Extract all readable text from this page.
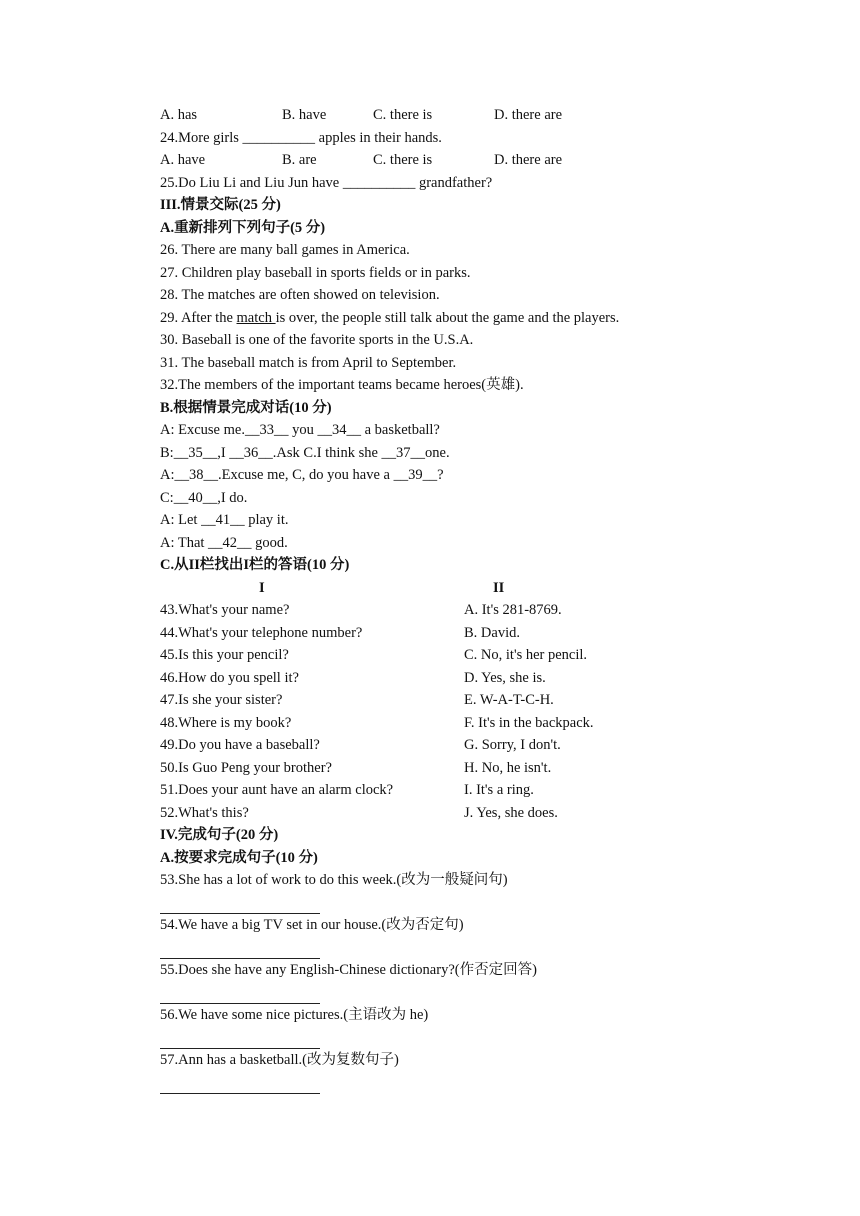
A. has	B. have	C. there is	D. there are
24.More girls __________ apples in their hands.
A. have	B. are	C. there is	D. there are
25.Do Liu Li and Liu Jun have __________ grandfather?
III.情景交际(25 分)
A.重新排列下列句子(5 分)
26. There are many ball games in America.
27. Children play baseball in sports fields or in parks.
28. The matches are often showed on television.
29. After the match is over, the people still talk about the game and the players.
30. Baseball is one of the favorite sports in the U.S.A.
31. The baseball match is from April to September.
32.The members of the important teams became heroes(英雄).
B.根据情景完成对话(10 分)
A: Excuse me.__33__ you __34__ a basketball?
B:__35__,I __36__.Ask C.I think she __37__one.
A:__38__.Excuse me, C, do you have a __39__?
C:__40__,I do.
A: Let __41__ play it.
A: That __42__ good.
C.从II栏找出I栏的答语(10 分)
I	II
43.What's your name?	A. It's 281-8769.
44.What's your telephone number?	B. David.
45.Is this your pencil?	C. No, it's her pencil.
46.How do you spell it?	D. Yes, she is.
47.Is she your sister?	E. W-A-T-C-H.
48.Where is my book?	F. It's in the backpack.
49.Do you have a baseball?	G. Sorry, I don't.
50.Is Guo Peng your brother?	H. No, he isn't.
51.Does your aunt have an alarm clock?	I. It's a ring.
52.What's this?	J. Yes, she does.
IV.完成句子(20 分)
A.按要求完成句子(10 分)
53.She has a lot of work to do this week.(改为一般疑问句)
54.We have a big TV set in our house.(改为否定句)
55.Does she have any English-Chinese dictionary?(作否定回答)
56.We have some nice pictures.(主语改为 he)
57.Ann has a basketball.(改为复数句子)
